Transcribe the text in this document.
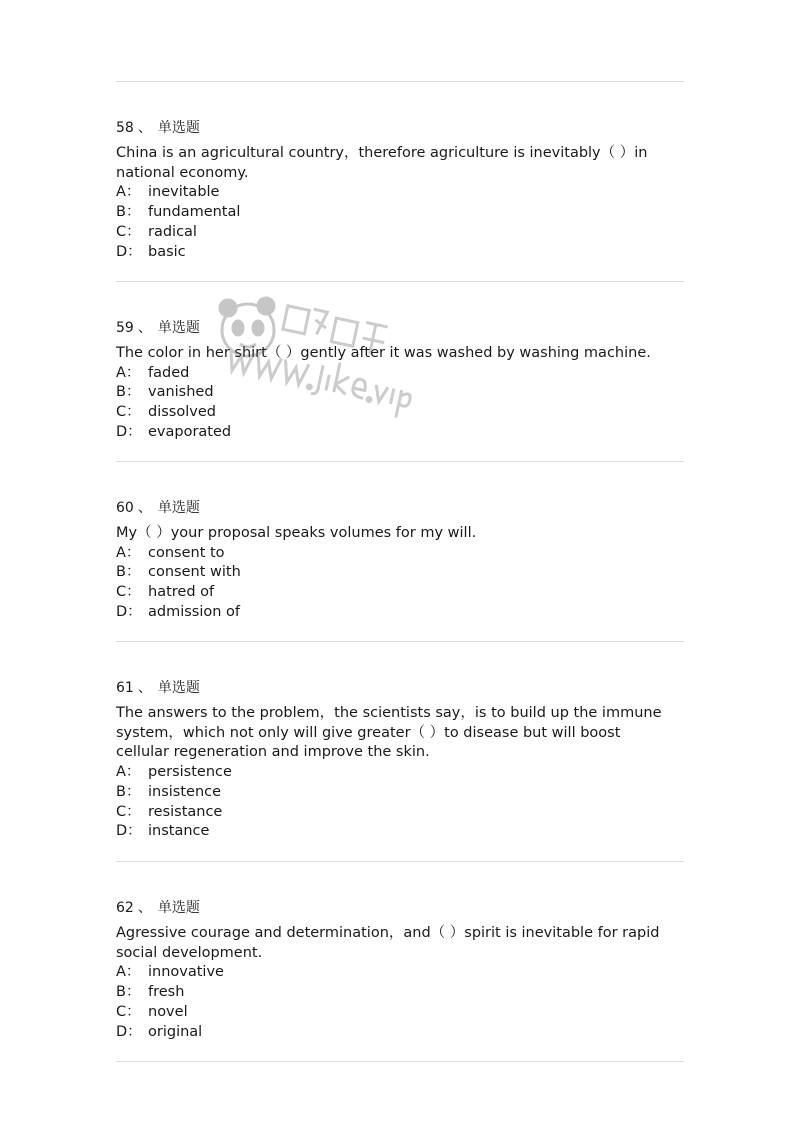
58 、 单选题

China is an agricultural country，therefore agriculture is inevitably（ ）in national economy.

A： inevitable
B： fundamental
C： radical
D： basic
59 、 单选题

The color in her shirt（ ）gently after it was washed by washing machine.

A： faded
B： vanished
C： dissolved
D： evaporated
60 、 单选题

My（ ）your proposal speaks volumes for my will.

A： consent to
B： consent with
C： hatred of
D： admission of
61 、 单选题

The answers to the problem，the scientists say，is to build up the immune system，which not only will give greater（ ）to disease but will boost cellular regeneration and improve the skin.

A： persistence
B： insistence
C： resistance
D： instance
62 、 单选题

Agressive courage and determination，and（ ）spirit is inevitable for rapid social development.

A： innovative
B： fresh
C： novel
D： original
